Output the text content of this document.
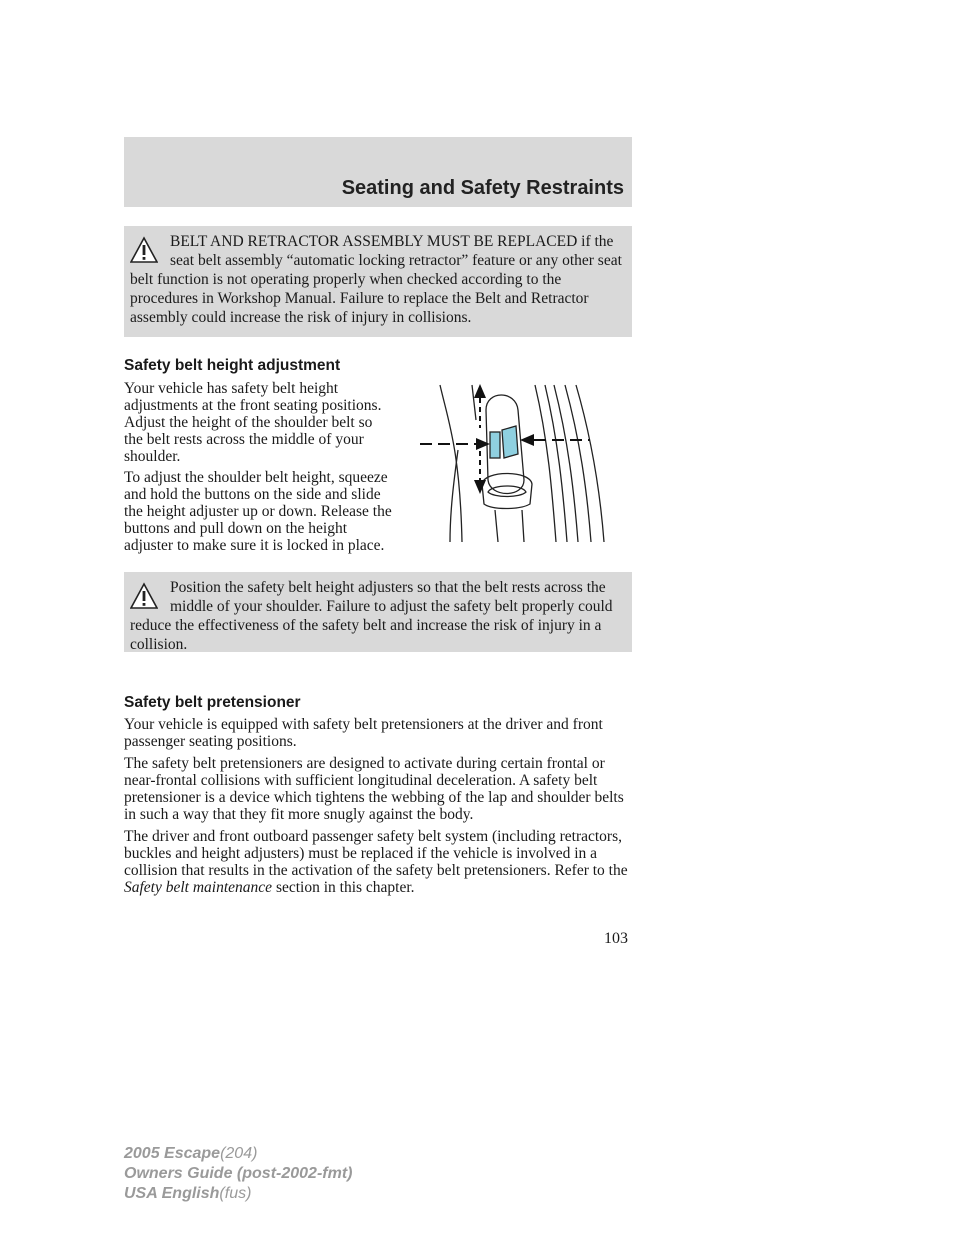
Seating and Safety Restraints
BELT AND RETRACTOR ASSEMBLY MUST BE REPLACED if the seat belt assembly “automatic locking retractor” feature or any other seat belt function is not operating properly when checked according to the procedures in Workshop Manual. Failure to replace the Belt and Retractor assembly could increase the risk of injury in collisions.
Safety belt height adjustment

Your vehicle has safety belt height adjustments at the front seating positions. Adjust the height of the shoulder belt so the belt rests across the middle of your shoulder.

To adjust the shoulder belt height, squeeze and hold the buttons on the side and slide the height adjuster up or down. Release the buttons and pull down on the height adjuster to make sure it is locked in place.

Position the safety belt height adjusters so that the belt rests across the middle of your shoulder. Failure to adjust the safety belt properly could reduce the effectiveness of the safety belt and increase the risk of injury in a collision.
Safety belt pretensioner

Your vehicle is equipped with safety belt pretensioners at the driver and front passenger seating positions.

The safety belt pretensioners are designed to activate during certain frontal or near-frontal collisions with sufficient longitudinal deceleration. A safety belt pretensioner is a device which tightens the webbing of the lap and shoulder belts in such a way that they fit more snugly against the body.

The driver and front outboard passenger safety belt system (including retractors, buckles and height adjusters) must be replaced if the vehicle is involved in a collision that results in the activation of the safety belt pretensioners. Refer to the Safety belt maintenance section in this chapter.

103
2005 Escape(204)
Owners Guide (post-2002-fmt)
USA English(fus)
